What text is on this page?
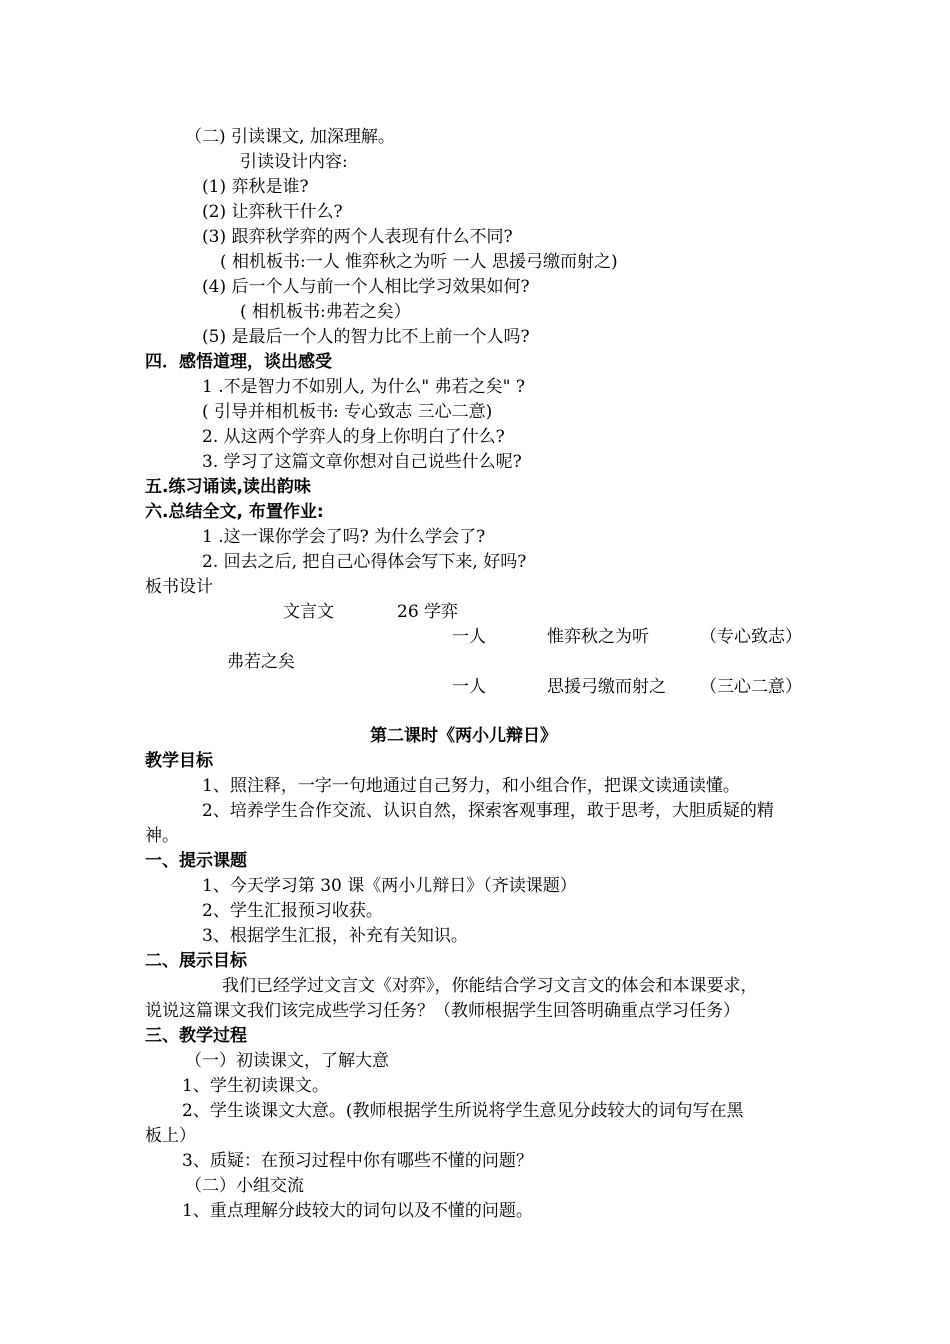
（二) 引读课文, 加深理解。
引读设计内容:
(1) 弈秋是谁?
(2) 让弈秋干什么?
(3) 跟弈秋学弈的两个人表现有什么不同?
( 相机板书:一人 惟弈秋之为听 一人 思援弓缴而射之)
(4) 后一个人与前一个人相比学习效果如何?
( 相机板书:弗若之矣）
(5) 是最后一个人的智力比不上前一个人吗?
四．感悟道理，谈出感受
1 .不是智力不如别人, 为什么" 弗若之矣" ?
( 引导并相机板书: 专心致志 三心二意)
2. 从这两个学弈人的身上你明白了什么?
3. 学习了这篇文章你想对自己说些什么呢?
五.练习诵读,读出韵味
六.总结全文, 布置作业:
1 .这一课你学会了吗? 为什么学会了?
2. 回去之后, 把自己心得体会写下来, 好吗?
板书设计
文言文	26 学弈
一人	惟弈秋之为听	（专心致志）
弗若之矣
一人	思援弓缴而射之 （三心二意）
第二课时《两小儿辩日》
教学目标
1、照注释，一字一句地通过自己努力，和小组合作，把课文读通读懂。
2、培养学生合作交流、认识自然，探索客观事理，敢于思考，大胆质疑的精
神。
一、提示课题
1、今天学习第 30 课《两小儿辩日》（齐读课题）
2、学生汇报预习收获。
3、根据学生汇报，补充有关知识。
二、展示目标
我们已经学过文言文《对弈》，你能结合学习文言文的体会和本课要求，
说说这篇课文我们该完成些学习任务？（教师根据学生回答明确重点学习任务）
三、教学过程
（一）初读课文，了解大意
1、学生初读课文。
2、学生谈课文大意。(教师根据学生所说将学生意见分歧较大的词句写在黑
板上）
3、质疑：在预习过程中你有哪些不懂的问题？
（二）小组交流
1、重点理解分歧较大的词句以及不懂的问题。
